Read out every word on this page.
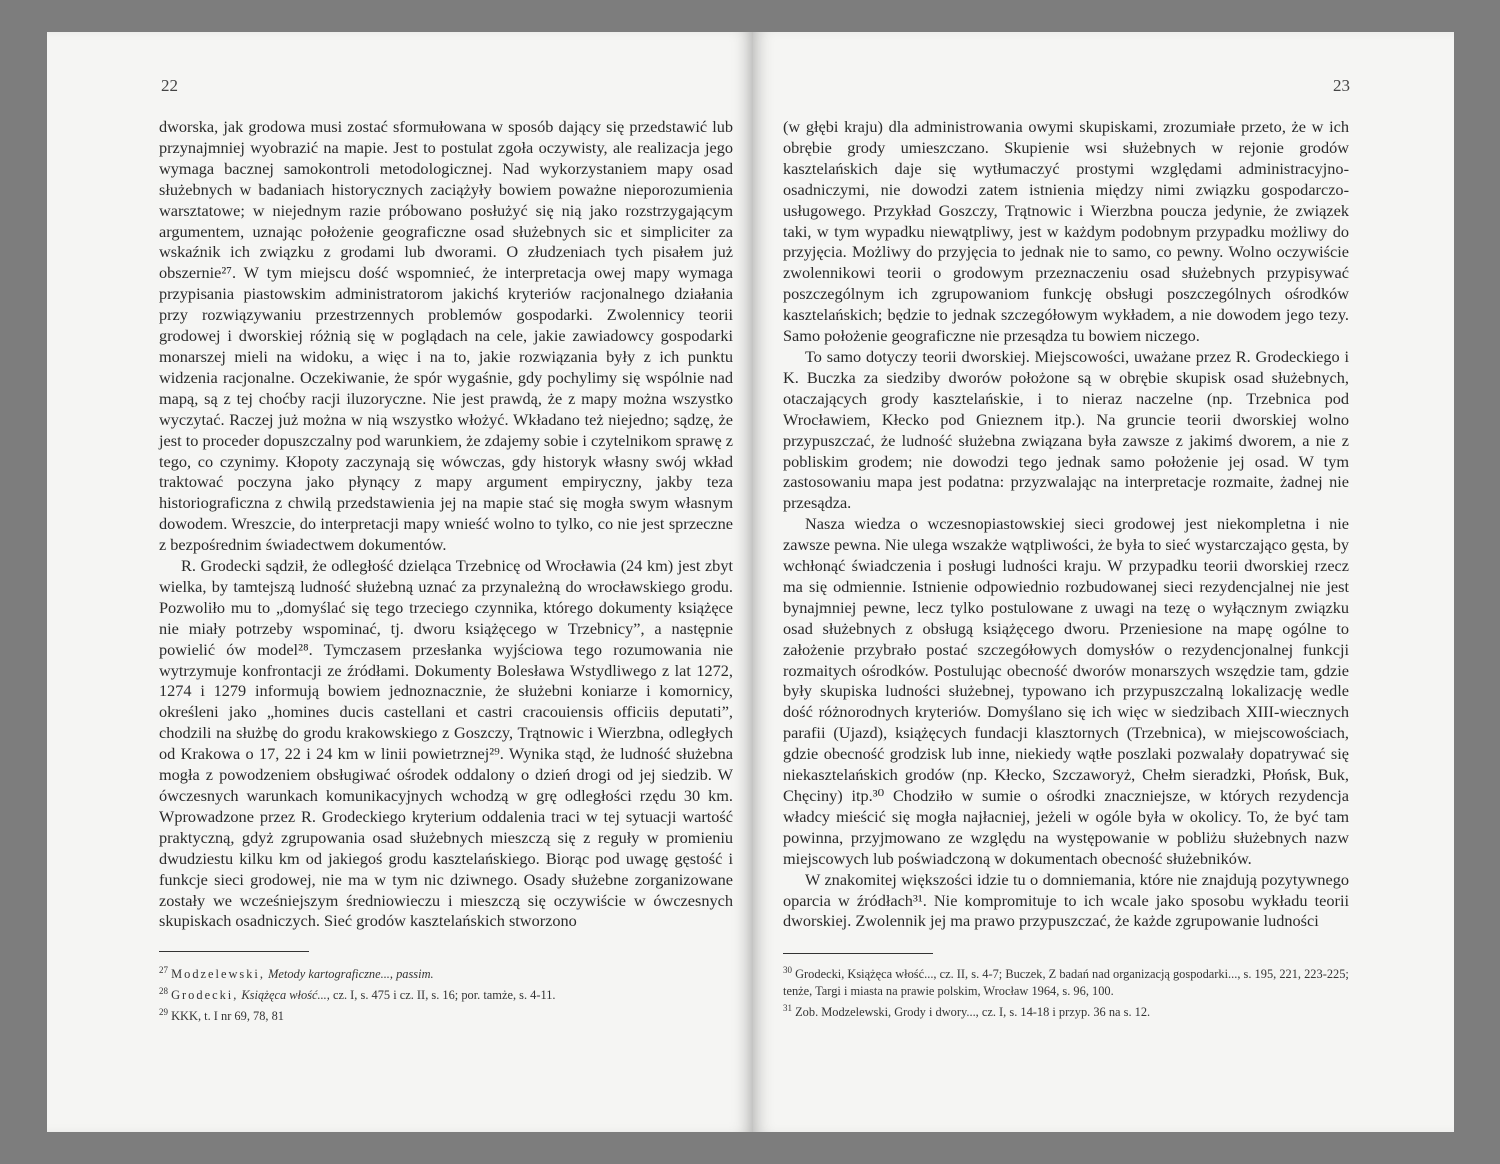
22

dworska, jak grodowa musi zostać sformułowana w sposób dający się przedstawić lub przynajmniej wyobrazić na mapie. Jest to postulat zgoła oczywisty, ale realizacja jego wymaga bacznej samokontroli metodologicznej. Nad wykorzystaniem mapy osad służebnych w badaniach historycznych zaciążyły bowiem poważne nieporozumienia warsztatowe; w niejednym razie próbowano posłużyć się nią jako rozstrzygającym argumentem, uznając położenie geograficzne osad służebnych sic et simpliciter za wskaźnik ich związku z grodami lub dworami. O złudzeniach tych pisałem już obszernie²⁷. W tym miejscu dość wspomnieć, że interpretacja owej mapy wymaga przypisania piastowskim administratorom jakichś kryteriów racjonalnego działania przy rozwiązywaniu przestrzennych problemów gospodarki. Zwolennicy teorii grodowej i dworskiej różnią się w poglądach na cele, jakie zawiadowcy gospodarki monarszej mieli na widoku, a więc i na to, jakie rozwiązania były z ich punktu widzenia racjonalne. Oczekiwanie, że spór wygaśnie, gdy pochylimy się wspólnie nad mapą, są z tej choćby racji iluzoryczne. Nie jest prawdą, że z mapy można wszystko wyczytać. Raczej już można w nią wszystko włożyć. Wkładano też niejedno; sądzę, że jest to proceder dopuszczalny pod warunkiem, że zdajemy sobie i czytelnikom sprawę z tego, co czynimy. Kłopoty zaczynają się wówczas, gdy historyk własny swój wkład traktować poczyna jako płynący z mapy argument empiryczny, jakby teza historiograficzna z chwilą przedstawienia jej na mapie stać się mogła swym własnym dowodem. Wreszcie, do interpretacji mapy wnieść wolno to tylko, co nie jest sprzeczne z bezpośrednim świadectwem dokumentów.

R. Grodecki sądził, że odległość dzieląca Trzebnicę od Wrocławia (24 km) jest zbyt wielka, by tamtejszą ludność służebną uznać za przynależną do wrocławskiego grodu. Pozwoliło mu to „domyślać się tego trzeciego czynnika, którego dokumenty książęce nie miały potrzeby wspominać, tj. dworu książęcego w Trzebnicy”, a następnie powielić ów model²⁸. Tymczasem przesłanka wyjściowa tego rozumowania nie wytrzymuje konfrontacji ze źródłami. Dokumenty Bolesława Wstydliwego z lat 1272, 1274 i 1279 informują bowiem jednoznacznie, że służebni koniarze i komornicy, określeni jako „homines ducis castellani et castri cracouiensis officiis deputati”, chodzili na służbę do grodu krakowskiego z Goszczy, Trątnowic i Wierzbna, odległych od Krakowa o 17, 22 i 24 km w linii powietrznej²⁹. Wynika stąd, że ludność służebna mogła z powodzeniem obsługiwać ośrodek oddalony o dzień drogi od jej siedzib. W ówczesnych warunkach komunikacyjnych wchodzą w grę odległości rzędu 30 km. Wprowadzone przez R. Grodeckiego kryterium oddalenia traci w tej sytuacji wartość praktyczną, gdyż zgrupowania osad służebnych mieszczą się z reguły w promieniu dwudziestu kilku km od jakiegoś grodu kasztelańskiego. Biorąc pod uwagę gęstość i funkcje sieci grodowej, nie ma w tym nic dziwnego. Osady służebne zorganizowane zostały we wcześniejszym średniowieczu i mieszczą się oczywiście w ówczesnych skupiskach osadniczych. Sieć grodów kasztelańskich stworzono

$^{27}$ Modzelewski, Metody kartograficzne..., passim.
$^{28}$ Grodecki, Książęca włość..., cz. I, s. 475 i cz. II, s. 16; por. tamże, s. 4-11.
$^{29}$ KKK, t. I nr 69, 78, 81
23

(w głębi kraju) dla administrowania owymi skupiskami, zrozumiałe przeto, że w ich obrębie grody umieszczano. Skupienie wsi służebnych w rejonie grodów kasztelańskich daje się wytłumaczyć prostymi względami administracyjno-osadniczymi, nie dowodzi zatem istnienia między nimi związku gospodarczo-usługowego. Przykład Goszczy, Trątnowic i Wierzbna poucza jedynie, że związek taki, w tym wypadku niewątpliwy, jest w każdym podobnym przypadku możliwy do przyjęcia. Możliwy do przyjęcia to jednak nie to samo, co pewny. Wolno oczywiście zwolennikowi teorii o grodowym przeznaczeniu osad służebnych przypisywać poszczególnym ich zgrupowaniom funkcję obsługi poszczególnych ośrodków kasztelańskich; będzie to jednak szczegółowym wykładem, a nie dowodem jego tezy. Samo położenie geograficzne nie przesądza tu bowiem niczego.

To samo dotyczy teorii dworskiej. Miejscowości, uważane przez R. Grodeckiego i K. Buczka za siedziby dworów położone są w obrębie skupisk osad służebnych, otaczających grody kasztelańskie, i to nieraz naczelne (np. Trzebnica pod Wrocławiem, Kłecko pod Gnieznem itp.). Na gruncie teorii dworskiej wolno przypuszczać, że ludność służebna związana była zawsze z jakimś dworem, a nie z pobliskim grodem; nie dowodzi tego jednak samo położenie jej osad. W tym zastosowaniu mapa jest podatna: przyzwalając na interpretacje rozmaite, żadnej nie przesądza.

Nasza wiedza o wczesnopiastowskiej sieci grodowej jest niekompletna i nie zawsze pewna. Nie ulega wszakże wątpliwości, że była to sieć wystarczająco gęsta, by wchłonąć świadczenia i posługi ludności kraju. W przypadku teorii dworskiej rzecz ma się odmiennie. Istnienie odpowiednio rozbudowanej sieci rezydencjalnej nie jest bynajmniej pewne, lecz tylko postulowane z uwagi na tezę o wyłącznym związku osad służebnych z obsługą książęcego dworu. Przeniesione na mapę ogólne to założenie przybrało postać szczegółowych domysłów o rezydencjonalnej funkcji rozmaitych ośrodków. Postulując obecność dworów monarszych wszędzie tam, gdzie były skupiska ludności służebnej, typowano ich przypuszczalną lokalizację wedle dość różnorodnych kryteriów. Domyślano się ich więc w siedzibach XIII-wiecznych parafii (Ujazd), książęcych fundacji klasztornych (Trzebnica), w miejscowościach, gdzie obecność grodzisk lub inne, niekiedy wątłe poszlaki pozwalały dopatrywać się niekasztelańskich grodów (np. Kłecko, Szczaworyż, Chełm sieradzki, Płońsk, Buk, Chęciny) itp.³⁰ Chodziło w sumie o ośrodki znaczniejsze, w których rezydencja władcy mieścić się mogła najłacniej, jeżeli w ogóle była w okolicy. To, że być tam powinna, przyjmowano ze względu na występowanie w pobliżu służebnych nazw miejscowych lub poświadczoną w dokumentach obecność służebników.

W znakomitej większości idzie tu o domniemania, które nie znajdują pozytywnego oparcia w źródłach³¹. Nie kompromituje to ich wcale jako sposobu wykładu teorii dworskiej. Zwolennik jej ma prawo przypuszczać, że każde zgrupowanie ludności

$^{30}$ Grodecki, Książęca włość..., cz. II, s. 4-7; Buczek, Z badań nad organizacją gospodarki..., s. 195, 221, 223-225; tenże, Targi i miasta na prawie polskim, Wrocław 1964, s. 96, 100.
$^{31}$ Zob. Modzelewski, Grody i dwory..., cz. I, s. 14-18 i przyp. 36 na s. 12.
